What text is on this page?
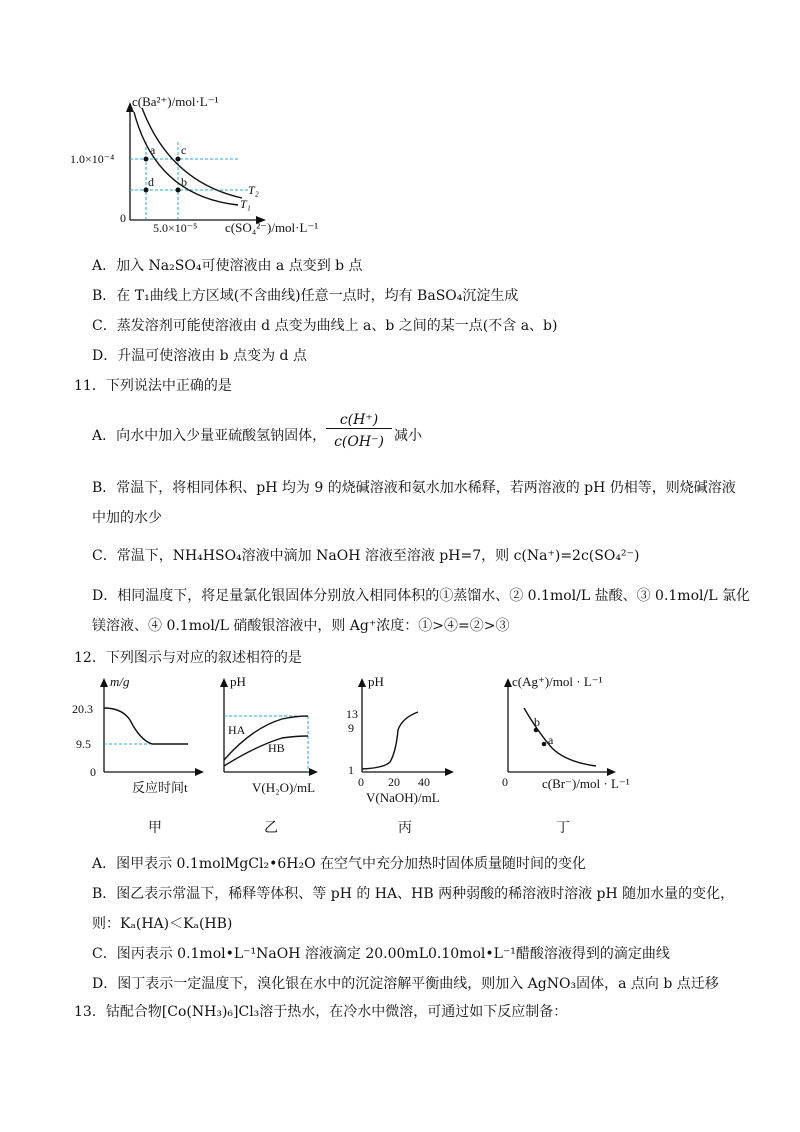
c(Ba²⁺)/mol·L⁻¹
1.0×10⁻⁴
0
5.0×10⁻⁵ c(SO₄²⁻)/mol·L⁻¹
a c
b
d
T₂
T₁
A．加入 Na₂SO₄可使溶液由 a 点变到 b 点
B．在 T₁曲线上方区域(不含曲线)任意一点时，均有 BaSO₄沉淀生成
C．蒸发溶剂可能使溶液由 d 点变为曲线上 a、b 之间的某一点(不含 a、b)
D．升温可使溶液由 b 点变为 d 点
11．下列说法中正确的是
A．向水中加入少量亚硫酸氢钠固体，
c(H⁺)
c(OH⁻) 减小
B．常温下，将相同体积、pH 均为 9 的烧碱溶液和氨水加水稀释，若两溶液的 pH 仍相等，则烧碱溶液
中加的水少
C．常温下，NH₄HSO₄溶液中滴加 NaOH 溶液至溶液 pH=7，则 c(Na⁺)=2c(SO₄²⁻)
D．相同温度下，将足量氯化银固体分别放入相同体积的①蒸馏水、② 0.1mol/L 盐酸、③ 0.1mol/L 氯化
镁溶液、④ 0.1mol/L 硝酸银溶液中，则 Ag⁺浓度：①>④=②>③
12．下列图示与对应的叙述相符的是
m/g
20.3
9.5
0
反应时间t
甲
pH
HA
HB
V(H₂O)/mL
乙
pH
13
9
1
0 20 40
V(NaOH)/mL
丙
c(Ag⁺)/mol · L⁻¹
b
a
0	c(Br⁻)/mol · L⁻¹
丁
A．图甲表示 0.1molMgCl₂•6H₂O 在空气中充分加热时固体质量随时间的变化
B．图乙表示常温下，稀释等体积、等 pH 的 HA、HB 两种弱酸的稀溶液时溶液 pH 随加水量的变化，
则：Kₐ(HA)＜Kₐ(HB)
C．图丙表示 0.1mol•L⁻¹NaOH 溶液滴定 20.00mL0.10mol•L⁻¹醋酸溶液得到的滴定曲线
D．图丁表示一定温度下，溴化银在水中的沉淀溶解平衡曲线，则加入 AgNO₃固体，a 点向 b 点迁移
13．钴配合物[Co(NH₃)₆]Cl₃溶于热水，在冷水中微溶，可通过如下反应制备：
